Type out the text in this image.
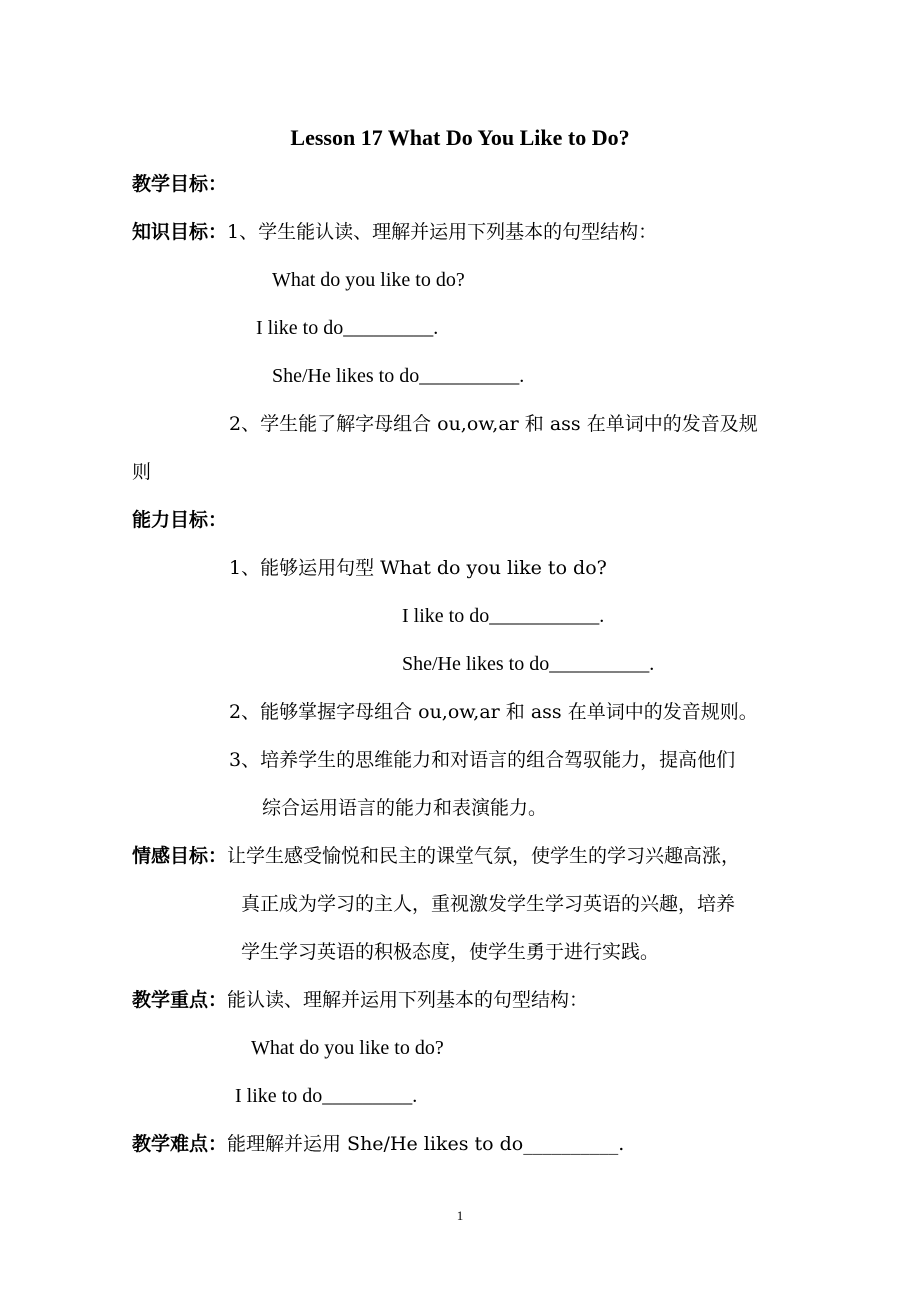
Lesson 17 What Do You Like to Do?
教学目标：
知识目标：1、学生能认读、理解并运用下列基本的句型结构：
What do you like to do?
I like to do_________.
She/He likes to do__________.
2、学生能了解字母组合 ou,ow,ar 和 ass 在单词中的发音及规
则
能力目标：
1、能够运用句型 What do you like to do?
I like to do___________.
She/He likes to do__________.
2、能够掌握字母组合 ou,ow,ar 和 ass 在单词中的发音规则。
3、培养学生的思维能力和对语言的组合驾驭能力，提高他们
综合运用语言的能力和表演能力。
情感目标：让学生感受愉悦和民主的课堂气氛，使学生的学习兴趣高涨，
真正成为学习的主人，重视激发学生学习英语的兴趣，培养
学生学习英语的积极态度，使学生勇于进行实践。
教学重点：能认读、理解并运用下列基本的句型结构：
What do you like to do?
I like to do_________.
教学难点：能理解并运用 She/He likes to do__________.
1
